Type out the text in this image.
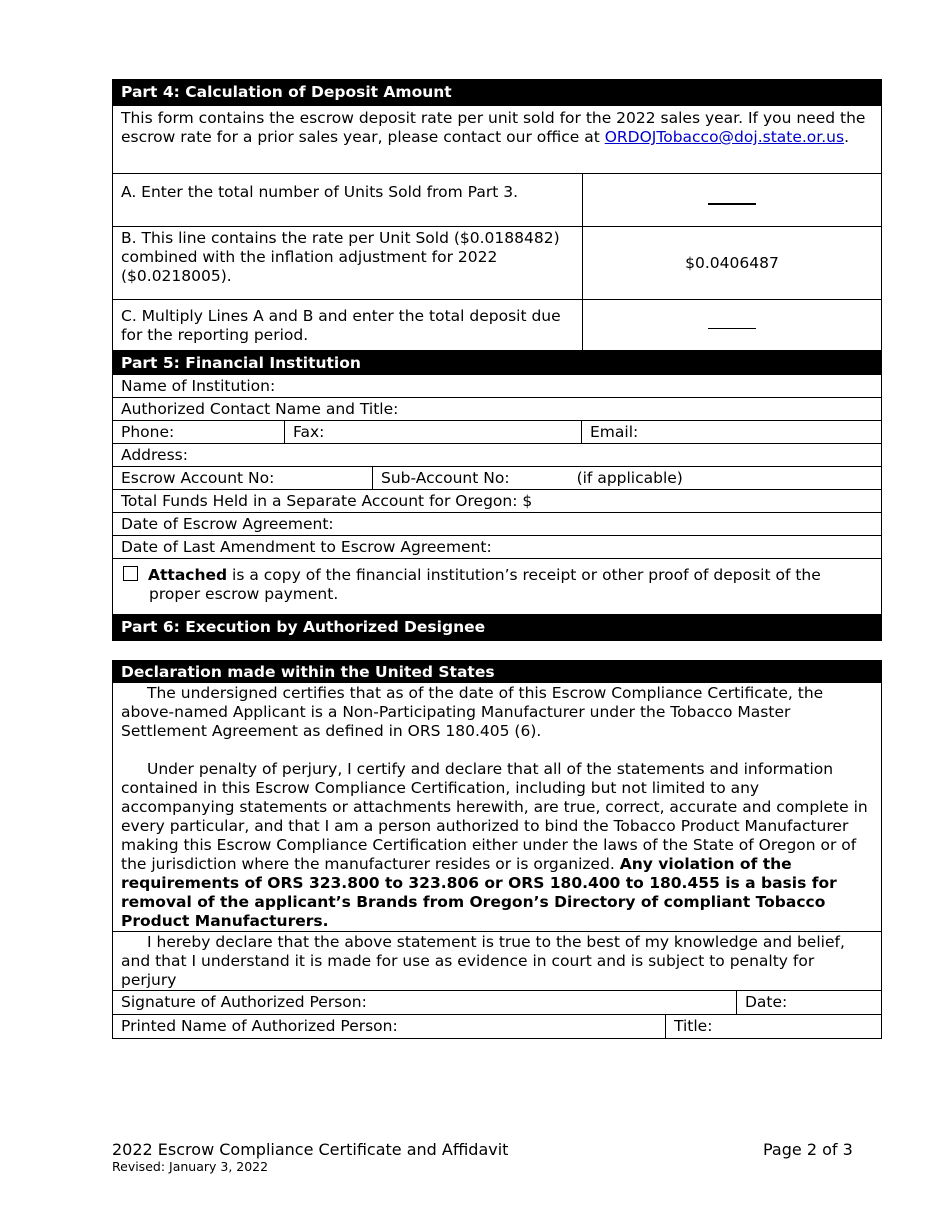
Part 4: Calculation of Deposit Amount	
This form contains the escrow deposit rate per unit sold for the 2022 sales year. If you need the escrow rate for a prior sales year, please contact our office at ORDOJTobacco@doj.state.or.us.	
A. Enter the total number of Units Sold from Part 3.	
B. This line contains the rate per Unit Sold ($0.0188482) combined with the inflation adjustment for 2022 ($0.0218005).	$0.0406487
C. Multiply Lines A and B and enter the total deposit due for the reporting period.	
Part 5: Financial Institution			
Name of Institution:			
Authorized Contact Name and Title:			
Phone:	Fax:		Email:
Address:			
Escrow Account No:		Sub-Account No: (if applicable)	
Total Funds Held in a Separate Account for Oregon: $			
Date of Escrow Agreement:			
Date of Last Amendment to Escrow Agreement:			

Attached is a copy of the financial institution’s receipt or other proof of deposit of the proper escrow payment.			

Part 6: Execution by Authorized Designee			
Declaration made within the United States		

The undersigned certifies that as of the date of this Escrow Compliance Certificate, the above-named Applicant is a Non-Participating Manufacturer under the Tobacco Master Settlement Agreement as defined in ORS 180.405 (6).
Under penalty of perjury, I certify and declare that all of the statements and information contained in this Escrow Compliance Certification, including but not limited to any accompanying statements or attachments herewith, are true, correct, accurate and complete in every particular, and that I am a person authorized to bind the Tobacco Product Manufacturer making this Escrow Compliance Certification either under the laws of the State of Oregon or of the jurisdiction where the manufacturer resides or is organized. Any violation of the requirements of ORS 323.800 to 323.806 or ORS 180.400 to 180.455 is a basis for removal of the applicant’s Brands from Oregon’s Directory of compliant Tobacco Product Manufacturers.		

I hereby declare that the above statement is true to the best of my knowledge and belief, and that I understand it is made for use as evidence in court and is subject to penalty for perjury		

Signature of Authorized Person:		Date:
Printed Name of Authorized Person:	Title:	
2022 Escrow Compliance Certificate and Affidavit	Page 2 of 3
Revised: January 3, 2022
